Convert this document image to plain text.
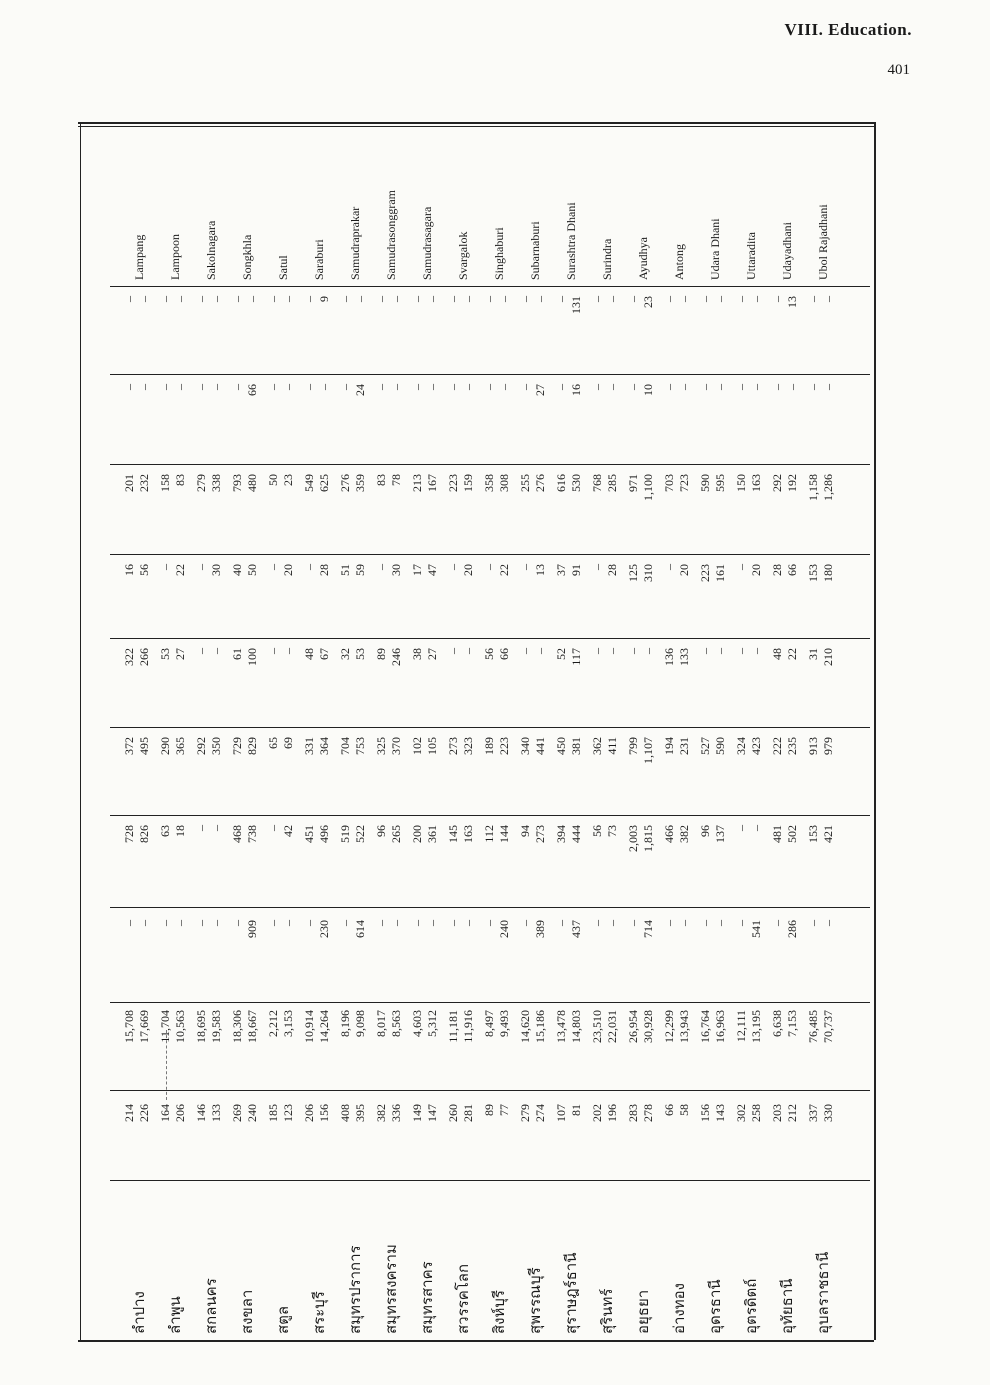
VIII. Education.
401
ลำปาง
214 226
15,708 17,669
– –
728 826
372 495
322 266
16 56
201 232
– –
– –
Lampang
ลำพูน
164 206
11,704 10,563
– –
63 18
290 365
53 27
– 22
158 83
– –
– –
Lampoon
สกลนคร
146 133
18,695 19,583
– –
– –
292 350
– –
– 30
279 338
– –
– –
Sakolnagara
สงขลา
269 240
18,306 18,667
– 909
468 738
729 829
61 100
40 50
793 480
– 66
– –
Songkhla
สตูล
185 123
2,212 3,153
– –
– 42
65 69
– –
– 20
50 23
– –
– –
Satul
สระบุรี
206 156
10,914 14,264
– 230
451 496
331 364
48 67
– 28
549 625
– –
– 9
Saraburi
สมุทรปราการ
408 395
8,196 9,098
– 614
519 522
704 753
32 53
51 59
276 359
– 24
– –
Samudraprakar
สมุทรสงคราม
382 336
8,017 8,563
– –
96 265
325 370
89 246
– 30
83 78
– –
– –
Samudrasonggram
สมุทรสาคร
149 147
4,603 5,312
– –
200 361
102 105
38 27
17 47
213 167
– –
– –
Samudrasagara
สวรรคโลก
260 281
11,181 11,916
– –
145 163
273 323
– –
– 20
223 159
– –
– –
Svargalok
สิงห์บุรี
89 77
8,497 9,493
– 240
112 144
189 223
56 66
– 22
358 308
– –
– –
Singhaburi
สุพรรณบุรี
279 274
14,620 15,186
– 389
94 273
340 441
– –
– 13
255 276
– 27
– –
Subarnaburi
สุราษฎร์ธานี
107 81
13,478 14,803
– 437
394 444
450 381
52 117
37 91
616 530
– 16
– 131
Surashtra Dhani
สุรินทร์
202 196
23,510 22,031
– –
56 73
362 411
– –
– 28
768 285
– –
– –
Surindra
อยุธยา
283 278
26,954 30,928
– 714
2,003 1,815
799 1,107
– –
125 310
971 1,100
– 10
– 23
Ayudhya
อ่างทอง
66 58
12,299 13,943
– –
466 382
194 231
136 133
– 20
703 723
– –
– –
Antong
อุดรธานี
156 143
16,764 16,963
– –
96 137
527 590
– –
223 161
590 595
– –
– –
Udara Dhani
อุตรดิตถ์
302 258
12,111 13,195
– 541
– –
324 423
– –
– 20
150 163
– –
– –
Uttaradita
อุทัยธานี
203 212
6,638 7,153
– 286
481 502
222 235
48 22
28 66
292 192
– –
– 13
Udayadhani
อุบลราชธานี
337 330
76,485 70,737
– –
153 421
913 979
31 210
153 180
1,158 1,286
– –
– –
Ubol Rajadhani
